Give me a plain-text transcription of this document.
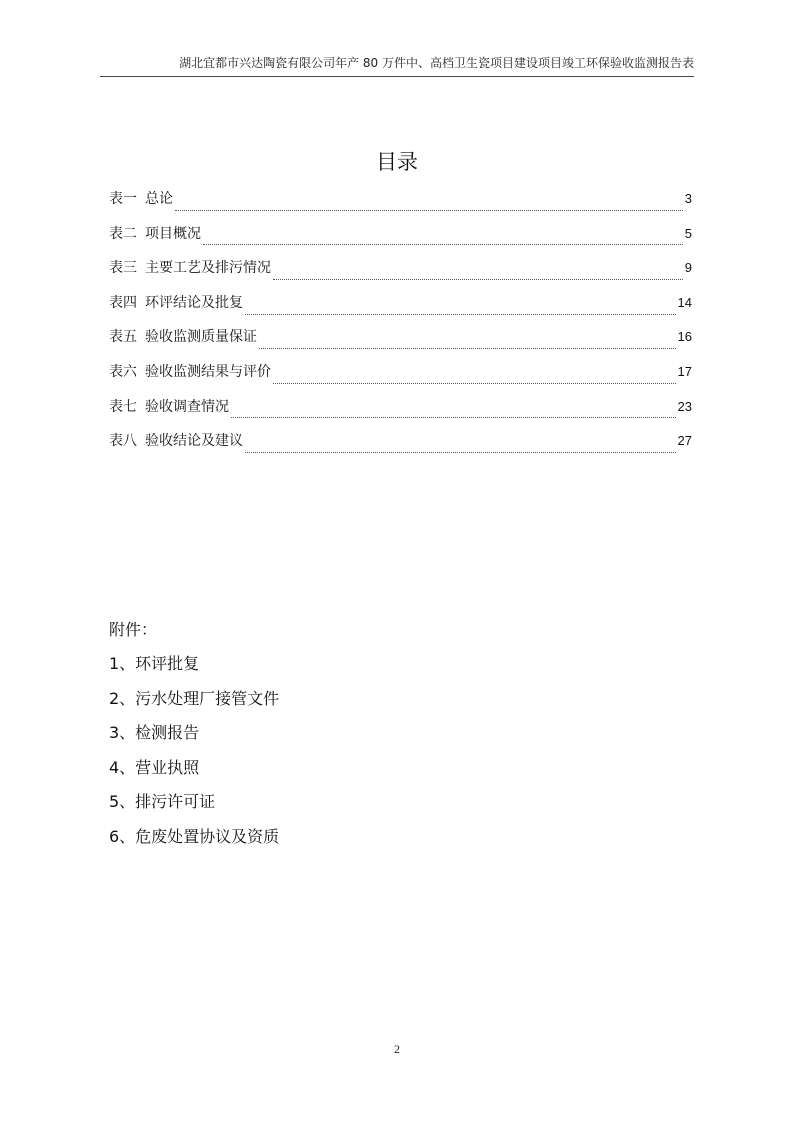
湖北宜都市兴达陶瓷有限公司年产 80 万件中、高档卫生瓷项目建设项目竣工环保验收监测报告表
目录
表一 总论	3
表二 项目概况	5
表三 主要工艺及排污情况	9
表四 环评结论及批复	14
表五 验收监测质量保证	16
表六 验收监测结果与评价	17
表七 验收调查情况	23
表八 验收结论及建议	27
附件：
1、环评批复
2、污水处理厂接管文件
3、检测报告
4、营业执照
5、排污许可证
6、危废处置协议及资质
2
